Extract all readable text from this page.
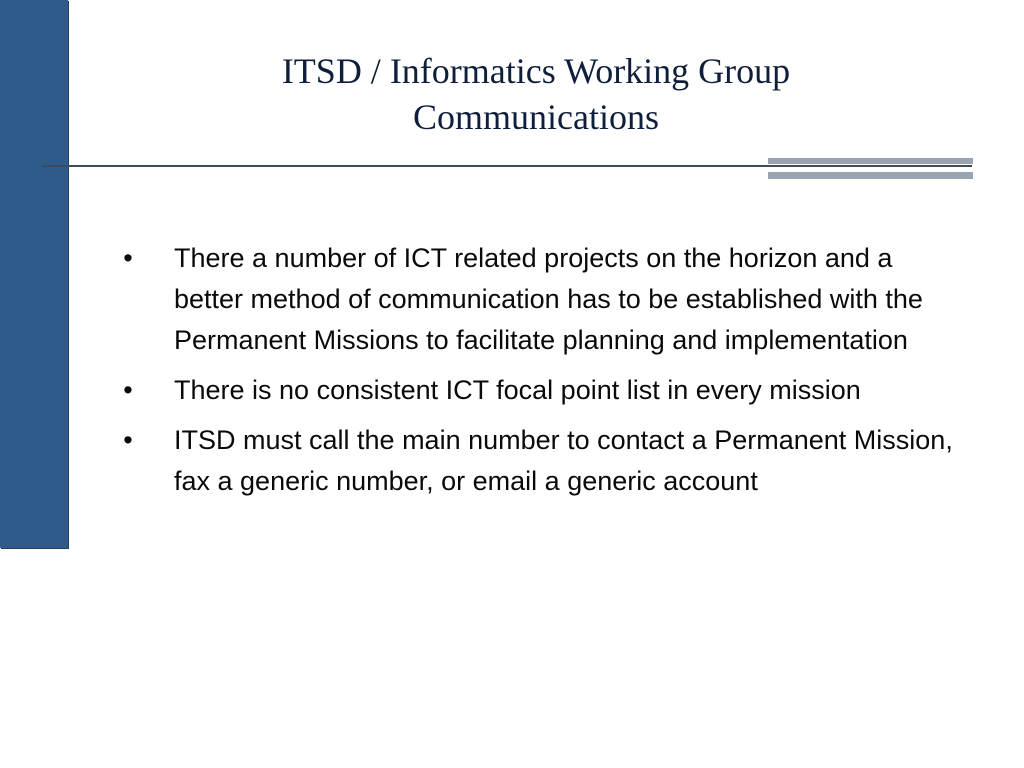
ITSD / Informatics Working Group
Communications
• There a number of ICT related projects on the horizon and a better method of communication has to be established with the Permanent Missions to facilitate planning and implementation
• There is no consistent ICT focal point list in every mission
• ITSD must call the main number to contact a Permanent Mission, fax a generic number, or email a generic account
